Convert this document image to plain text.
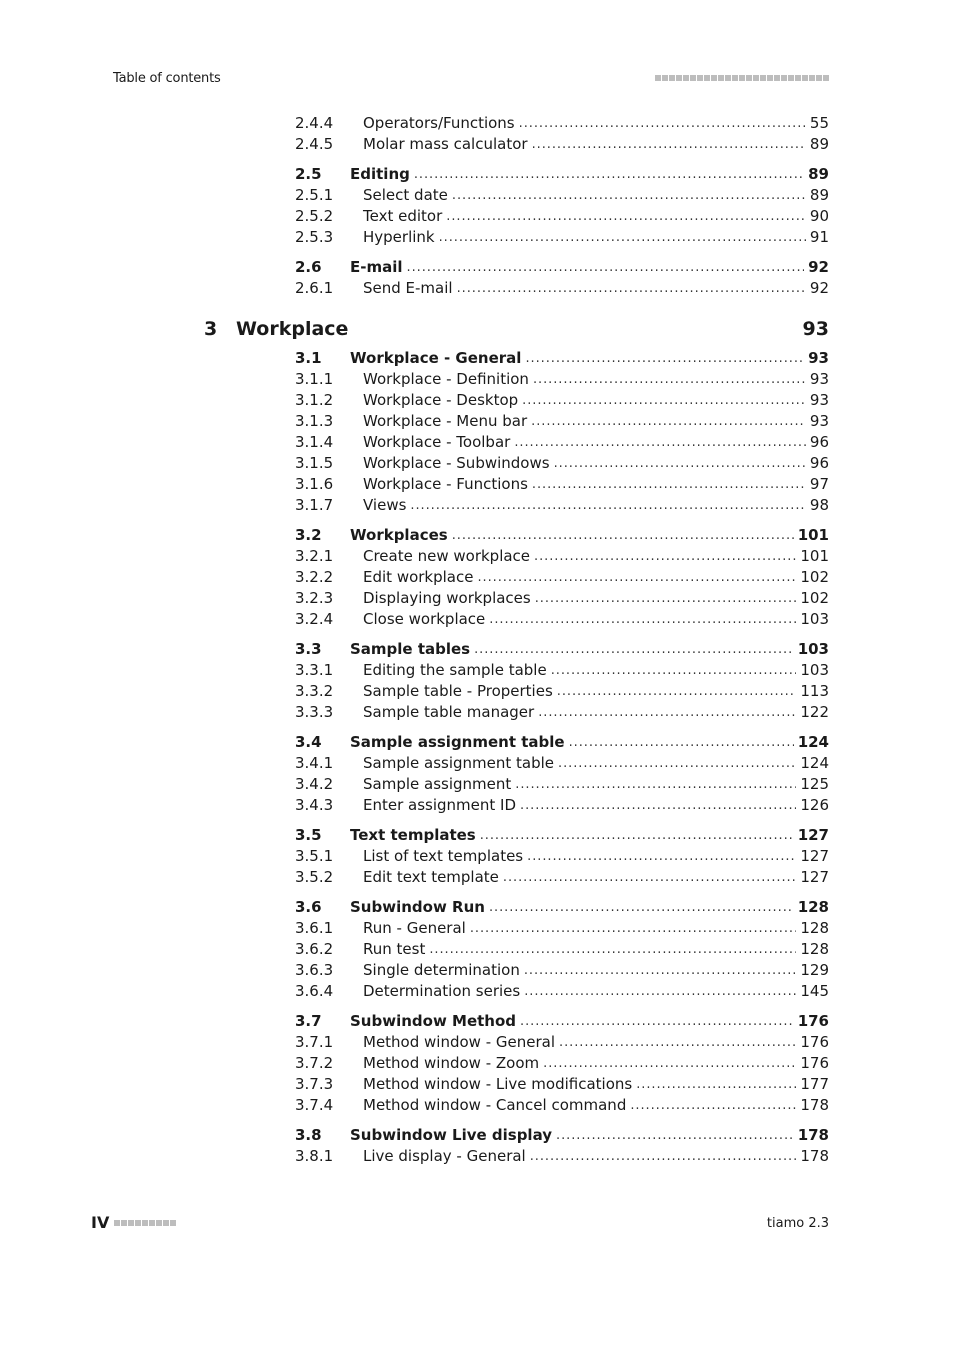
Table of contents
2.4.4	Operators/Functions . . .	55
2.4.5	Molar mass calculator . . .	89
2.5	Editing . . .	89
2.5.1	Select date . . .	89
2.5.2	Text editor . . .	90
2.5.3	Hyperlink . . .	91
2.6	E-mail . . .	92
2.6.1	Send E-mail . . .	92
3 Workplace	93
3.1	Workplace - General . . .	93
3.1.1	Workplace - Definition . . .	93
3.1.2	Workplace - Desktop . . .	93
3.1.3	Workplace - Menu bar . . .	93
3.1.4	Workplace - Toolbar . . .	96
3.1.5	Workplace - Subwindows . . .	96
3.1.6	Workplace - Functions . . .	97
3.1.7	Views . . .	98
3.2	Workplaces . . .	101
3.2.1	Create new workplace . . .	101
3.2.2	Edit workplace . . .	102
3.2.3	Displaying workplaces . . .	102
3.2.4	Close workplace . . .	103
3.3	Sample tables . . .	103
3.3.1	Editing the sample table . . .	103
3.3.2	Sample table - Properties . . .	113
3.3.3	Sample table manager . . .	122
3.4	Sample assignment table . . .	124
3.4.1	Sample assignment table . . .	124
3.4.2	Sample assignment . . .	125
3.4.3	Enter assignment ID . . .	126
3.5	Text templates . . .	127
3.5.1	List of text templates . . .	127
3.5.2	Edit text template . . .	127
3.6	Subwindow Run . . .	128
3.6.1	Run - General . . .	128
3.6.2	Run test . . .	128
3.6.3	Single determination . . .	129
3.6.4	Determination series . . .	145
3.7	Subwindow Method . . .	176
3.7.1	Method window - General . . .	176
3.7.2	Method window - Zoom . . .	176
3.7.3	Method window - Live modifications . . .	177
3.7.4	Method window - Cancel command . . .	178
3.8	Subwindow Live display . . .	178
3.8.1	Live display - General . . .	178
IV	tiamo 2.3
